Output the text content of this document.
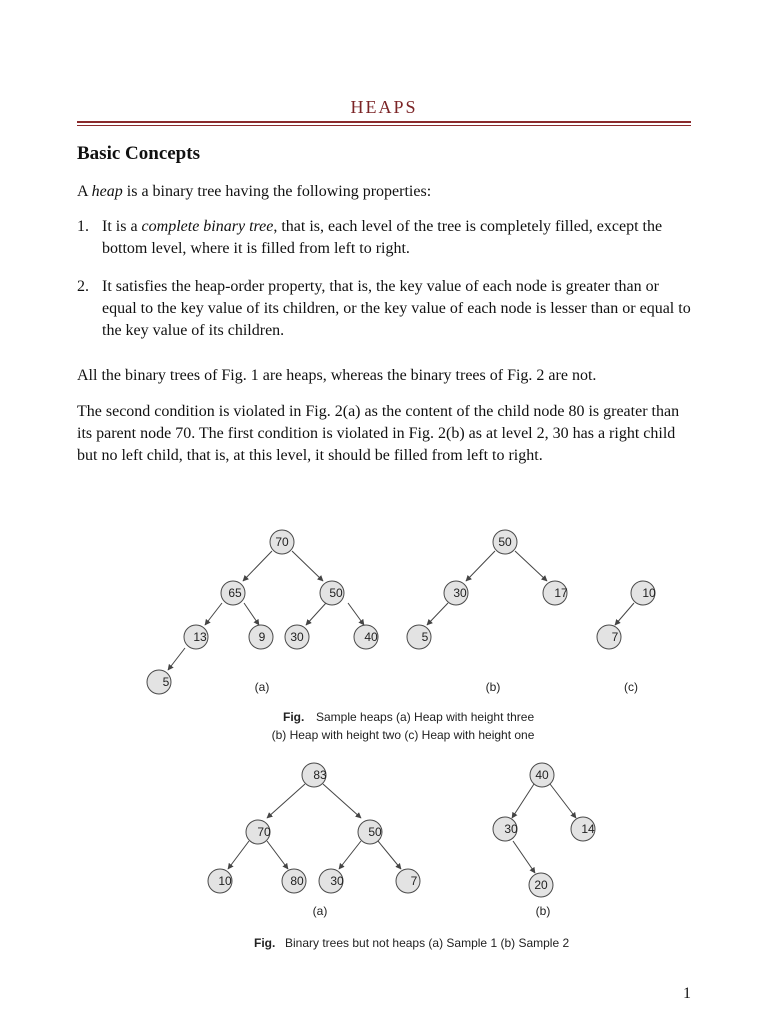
HEAPS
Basic Concepts
A heap is a binary tree having the following properties:
1. It is a complete binary tree, that is, each level of the tree is completely filled, except the bottom level, where it is filled from left to right.
2. It satisfies the heap-order property, that is, the key value of each node is greater than or equal to the key value of its children, or the key value of each node is lesser than or equal to the key value of its children.
All the binary trees of Fig. 1 are heaps, whereas the binary trees of Fig. 2 are not.
The second condition is violated in Fig. 2(a) as the content of the child node 80 is greater than its parent node 70. The first condition is violated in Fig. 2(b) as at level 2, 30 has a right child but no left child, that is, at this level, it should be filled from left to right.
70
65	50
13	9 30	40
5	(a)
50
30	17
5
(b)
10
7
(c)
Fig. Sample heaps (a) Heap with height three
(b) Heap with height two (c) Heap with height one
83
70	50
10	80 30	7
(a)
40
30	14
20
(b)
Fig. Binary trees but not heaps (a) Sample 1 (b) Sample 2
1
